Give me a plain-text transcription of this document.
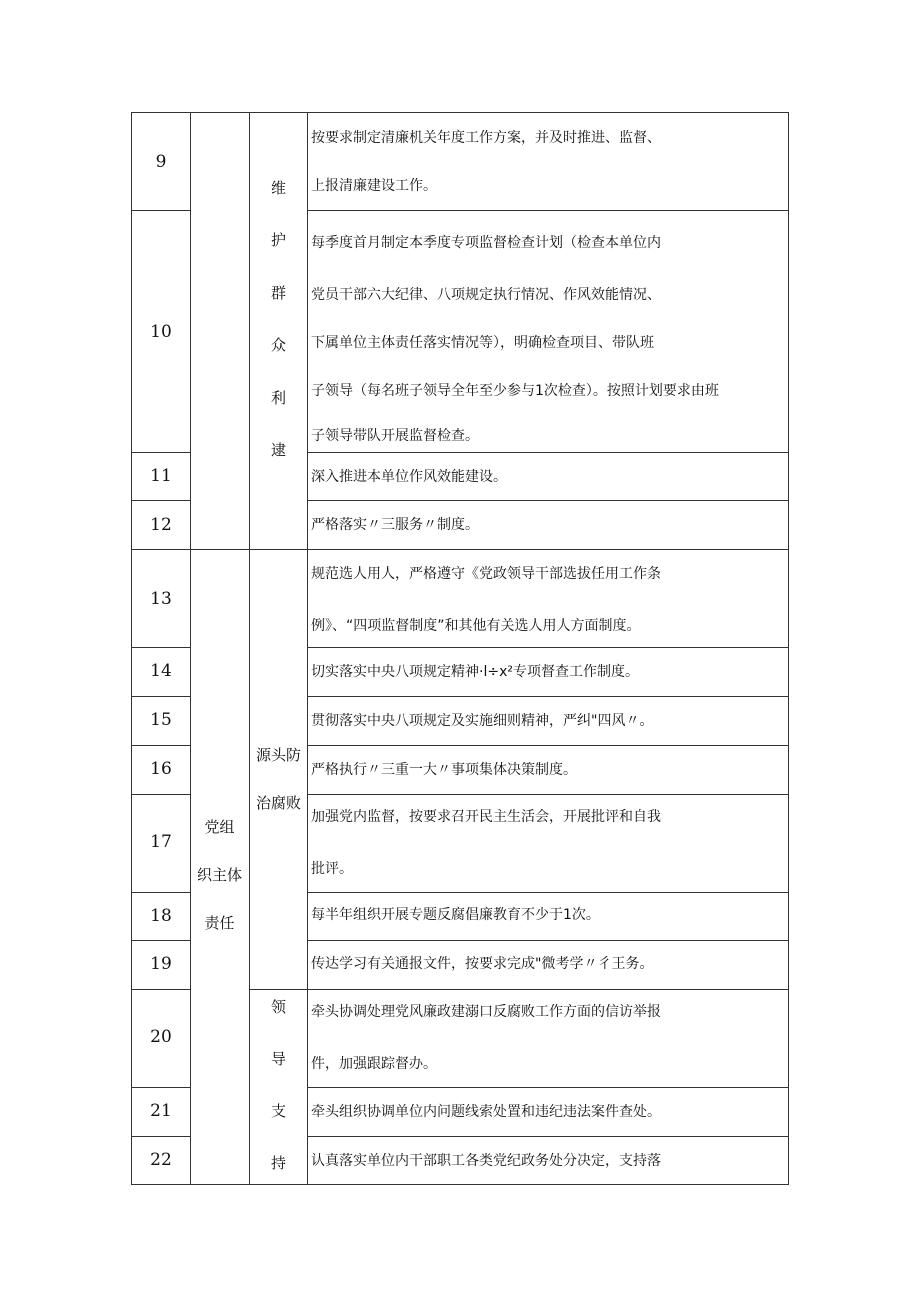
9
10
11
12
13
14
15
16
17
18
19
20
21
22
按要求制定清廉机关年度工作方案，并及时推进、监督、
上报清廉建设工作。
每季度首月制定本季度专项监督检查计划（检查本单位内
党员干部六大纪律、八项规定执行情况、作风效能情况、
下属单位主体责任落实情况等），明确检查项目、带队班
子领导（每名班子领导全年至少参与1次检查）。按照计划要求由班
子领导带队开展监督检查。
深入推进本单位作风效能建设。
严格落实〃三服务〃制度。
规范选人用人，严格遵守《党政领导干部选拔任用工作条
例》、“四项监督制度”和其他有关选人用人方面制度。
切实落实中央八项规定精神·l÷x²专项督查工作制度。
贯彻落实中央八项规定及实施细则精神，严纠"四风〃。
严格执行〃三重一大〃事项集体决策制度。
加强党内监督，按要求召开民主生活会，开展批评和自我
批评。
每半年组织开展专题反腐倡廉教育不少于1次。
传达学习有关通报文件，按要求完成"微考学〃彳王务。
牵头协调处理党风廉政建溺口反腐败工作方面的信访举报
件，加强跟踪督办。
牵头组织协调单位内问题线索处置和违纪违法案件查处。
认真落实单位内干部职工各类党纪政务处分决定，支持落
党组
织主体
责任
维
护
群
众
利
逮
源头防
治腐败
领
导
支
持
